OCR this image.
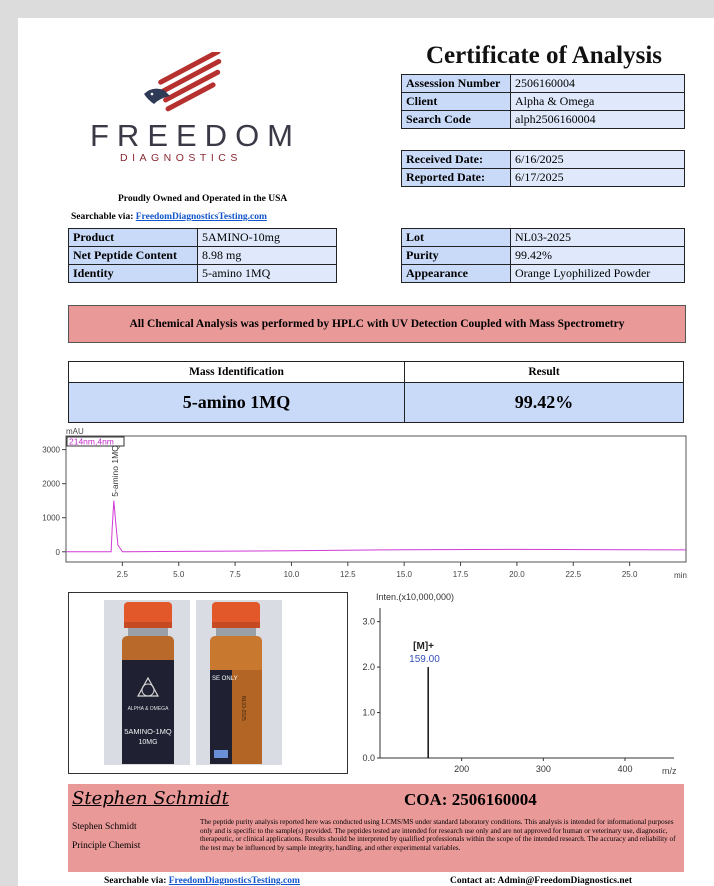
Certificate of Analysis
Assession Number	2506160004
Client	Alpha & Omega
Search Code	alph2506160004
Received Date:	6/16/2025
Reported Date:	6/17/2025
FREEDOM
DIAGNOSTICS
Proudly Owned and Operated in the USA
Searchable via: FreedomDiagnosticsTesting.com
Product	5AMINO-10mg
Net Peptide Content	8.98 mg
Identity	5-amino 1MQ
Lot	NL03-2025
Purity	99.42%
Appearance	Orange Lyophilized Powder
All Chemical Analysis was performed by HPLC with UV Detection Coupled with Mass Spectrometry
Mass Identification	Result
5-amino 1MQ	99.42%
mAU
214nm,4nm
3000
2000
1000
0
2.5	5.0	7.5	10.0	12.5	15.0	17.5	20.0	22.5	25.0
5-amino 1MQ
min
ALPHA & OMEGA
5AMINO-1MQ
10MG
SE ONLY
NL03-2025
Inten.(x10,000,000)
3.0
2.0
1.0
0.0
200	300	400
[M]+
159.00
m/z
Stephen Schmidt	COA: 2506160004
Stephen Schmidt
Principle Chemist
The peptide purity analysis reported here was conducted using LCMS/MS under standard laboratory conditions. This analysis is intended for informational purposes only and is specific to the sample(s) provided. The peptides tested are intended for research use only and are not approved for human or veterinary use, diagnostic, therapeutic, or clinical applications. Results should be interpreted by qualified professionals within the scope of the intended research. The accuracy and reliability of the test may be influenced by sample integrity, handling, and other experimental variables.
Searchable via: FreedomDiagnosticsTesting.com	Contact at: Admin@FreedomDiagnostics.net
